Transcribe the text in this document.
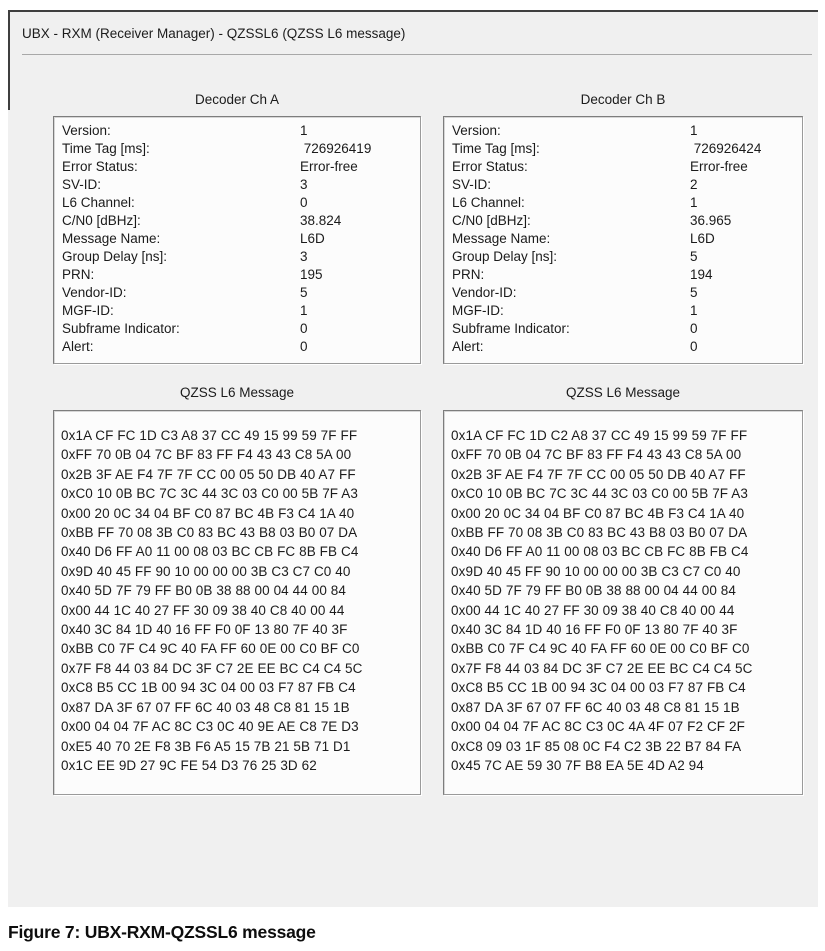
UBX - RXM (Receiver Manager) - QZSSL6 (QZSS L6 message)
Decoder Ch A
Version:	1
Time Tag [ms]:	726926419
Error Status:	Error-free
SV-ID:	3
L6 Channel:	0
C/N0 [dBHz]:	38.824
Message Name:	L6D
Group Delay [ns]:	3
PRN:	195
Vendor-ID:	5
MGF-ID:	1
Subframe Indicator:	0
Alert:	0
QZSS L6 Message
0x1A CF FC 1D C3 A8 37 CC 49 15 99 59 7F FF
0xFF 70 0B 04 7C BF 83 FF F4 43 43 C8 5A 00
0x2B 3F AE F4 7F 7F CC 00 05 50 DB 40 A7 FF
0xC0 10 0B BC 7C 3C 44 3C 03 C0 00 5B 7F A3
0x00 20 0C 34 04 BF C0 87 BC 4B F3 C4 1A 40
0xBB FF 70 08 3B C0 83 BC 43 B8 03 B0 07 DA
0x40 D6 FF A0 11 00 08 03 BC CB FC 8B FB C4
0x9D 40 45 FF 90 10 00 00 00 3B C3 C7 C0 40
0x40 5D 7F 79 FF B0 0B 38 88 00 04 44 00 84
0x00 44 1C 40 27 FF 30 09 38 40 C8 40 00 44
0x40 3C 84 1D 40 16 FF F0 0F 13 80 7F 40 3F
0xBB C0 7F C4 9C 40 FA FF 60 0E 00 C0 BF C0
0x7F F8 44 03 84 DC 3F C7 2E EE BC C4 C4 5C
0xC8 B5 CC 1B 00 94 3C 04 00 03 F7 87 FB C4
0x87 DA 3F 67 07 FF 6C 40 03 48 C8 81 15 1B
0x00 04 04 7F AC 8C C3 0C 40 9E AE C8 7E D3
0xE5 40 70 2E F8 3B F6 A5 15 7B 21 5B 71 D1
0x1C EE 9D 27 9C FE 54 D3 76 25 3D 62
Decoder Ch B
Version:	1
Time Tag [ms]:	726926424
Error Status:	Error-free
SV-ID:	2
L6 Channel:	1
C/N0 [dBHz]:	36.965
Message Name:	L6D
Group Delay [ns]:	5
PRN:	194
Vendor-ID:	5
MGF-ID:	1
Subframe Indicator:	0
Alert:	0
QZSS L6 Message
0x1A CF FC 1D C2 A8 37 CC 49 15 99 59 7F FF
0xFF 70 0B 04 7C BF 83 FF F4 43 43 C8 5A 00
0x2B 3F AE F4 7F 7F CC 00 05 50 DB 40 A7 FF
0xC0 10 0B BC 7C 3C 44 3C 03 C0 00 5B 7F A3
0x00 20 0C 34 04 BF C0 87 BC 4B F3 C4 1A 40
0xBB FF 70 08 3B C0 83 BC 43 B8 03 B0 07 DA
0x40 D6 FF A0 11 00 08 03 BC CB FC 8B FB C4
0x9D 40 45 FF 90 10 00 00 00 3B C3 C7 C0 40
0x40 5D 7F 79 FF B0 0B 38 88 00 04 44 00 84
0x00 44 1C 40 27 FF 30 09 38 40 C8 40 00 44
0x40 3C 84 1D 40 16 FF F0 0F 13 80 7F 40 3F
0xBB C0 7F C4 9C 40 FA FF 60 0E 00 C0 BF C0
0x7F F8 44 03 84 DC 3F C7 2E EE BC C4 C4 5C
0xC8 B5 CC 1B 00 94 3C 04 00 03 F7 87 FB C4
0x87 DA 3F 67 07 FF 6C 40 03 48 C8 81 15 1B
0x00 04 04 7F AC 8C C3 0C 4A 4F 07 F2 CF 2F
0xC8 09 03 1F 85 08 0C F4 C2 3B 22 B7 84 FA
0x45 7C AE 59 30 7F B8 EA 5E 4D A2 94
Figure 7: UBX-RXM-QZSSL6 message
